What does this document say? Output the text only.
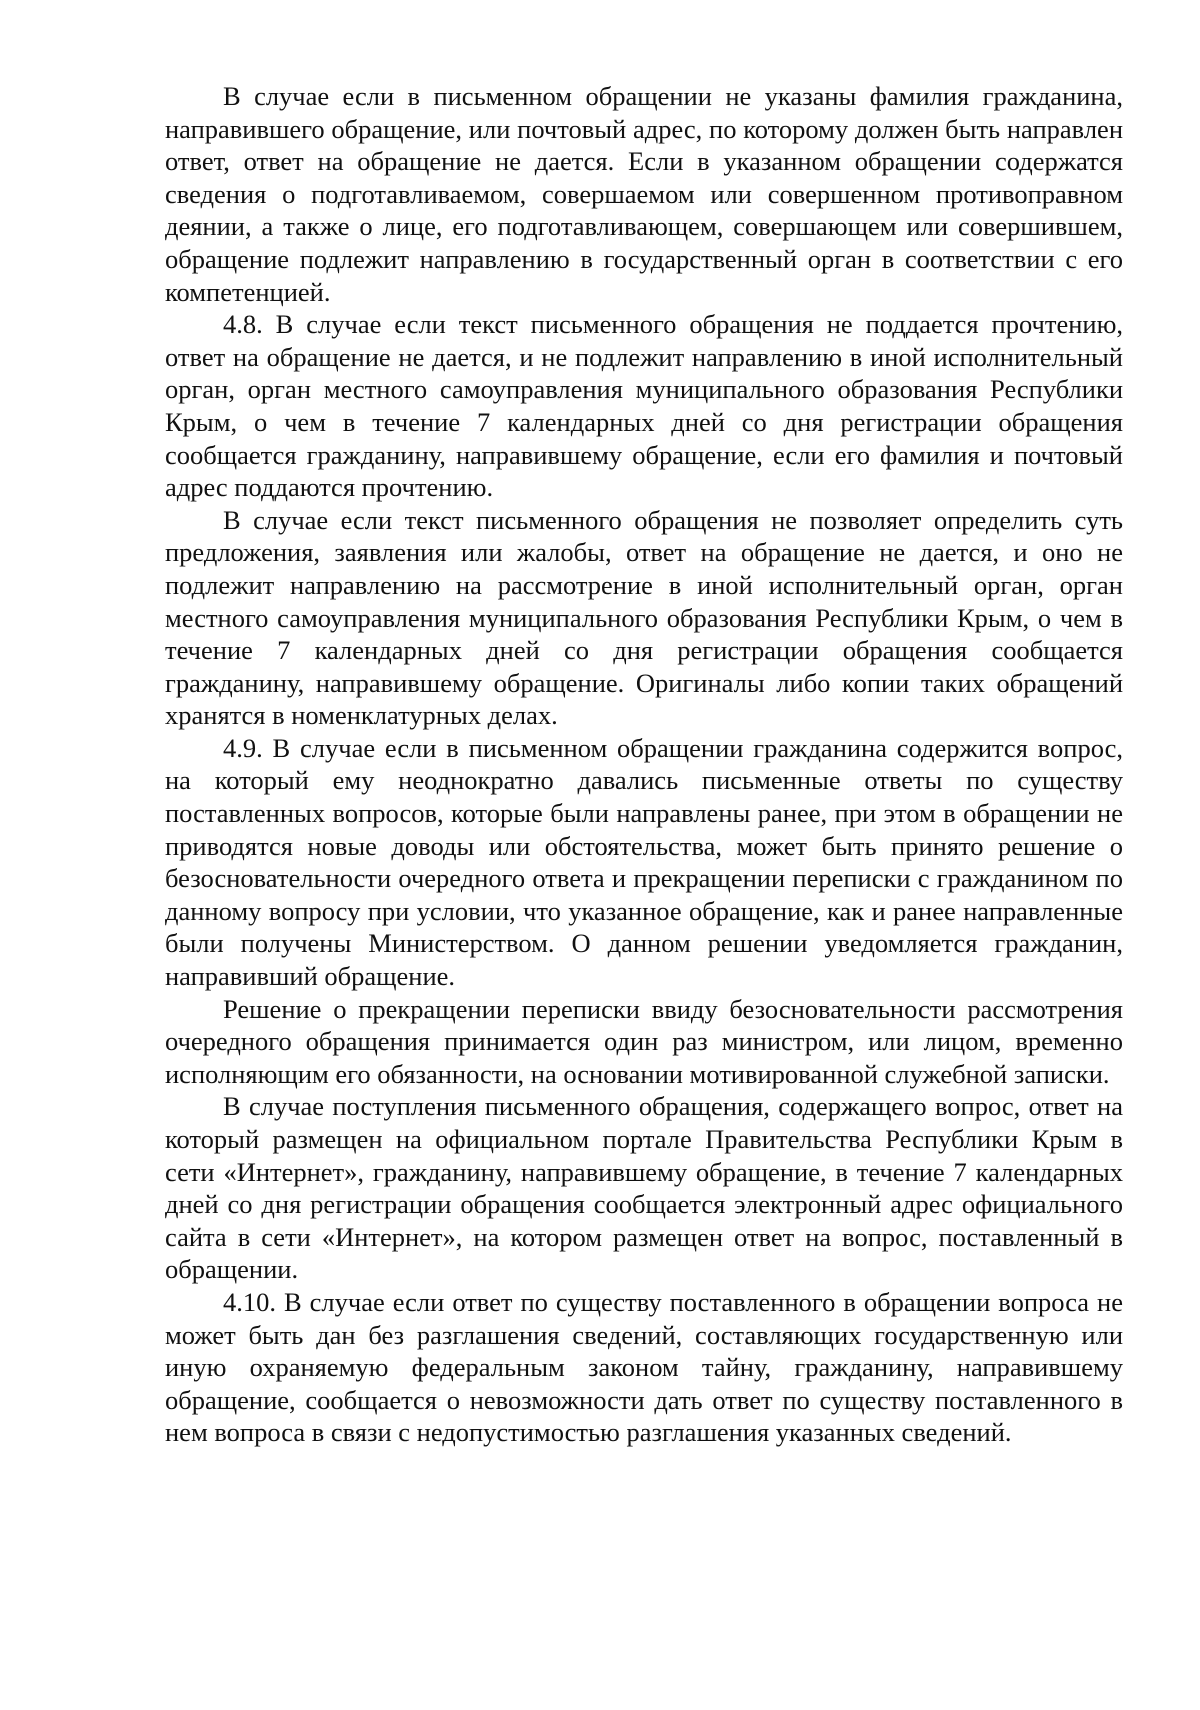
В случае если в письменном обращении не указаны фамилия гражданина, направившего обращение, или почтовый адрес, по которому должен быть направлен ответ, ответ на обращение не дается. Если в указанном обращении содержатся сведения о подготавливаемом, совершаемом или совершенном противоправном деянии, а также о лице, его подготавливающем, совершающем или совершившем, обращение подлежит направлению в государственный орган в соответствии с его компетенцией.

4.8. В случае если текст письменного обращения не поддается прочтению, ответ на обращение не дается, и не подлежит направлению в иной исполнительный орган, орган местного самоуправления муниципального образования Республики Крым, о чем в течение 7 календарных дней со дня регистрации обращения сообщается гражданину, направившему обращение, если его фамилия и почтовый адрес поддаются прочтению.

В случае если текст письменного обращения не позволяет определить суть предложения, заявления или жалобы, ответ на обращение не дается, и оно не подлежит направлению на рассмотрение в иной исполнительный орган, орган местного самоуправления муниципального образования Республики Крым, о чем в течение 7 календарных дней со дня регистрации обращения сообщается гражданину, направившему обращение. Оригиналы либо копии таких обращений хранятся в номенклатурных делах.

4.9. В случае если в письменном обращении гражданина содержится вопрос, на который ему неоднократно давались письменные ответы по существу поставленных вопросов, которые были направлены ранее, при этом в обращении не приводятся новые доводы или обстоятельства, может быть принято решение о безосновательности очередного ответа и прекращении переписки с гражданином по данному вопросу при условии, что указанное обращение, как и ранее направленные были получены Министерством. О данном решении уведомляется гражданин, направивший обращение.

Решение о прекращении переписки ввиду безосновательности рассмотрения очередного обращения принимается один раз министром, или лицом, временно исполняющим его обязанности, на основании мотивированной служебной записки.

В случае поступления письменного обращения, содержащего вопрос, ответ на который размещен на официальном портале Правительства Республики Крым в сети «Интернет», гражданину, направившему обращение, в течение 7 календарных дней со дня регистрации обращения сообщается электронный адрес официального сайта в сети «Интернет», на котором размещен ответ на вопрос, поставленный в обращении.

4.10. В случае если ответ по существу поставленного в обращении вопроса не может быть дан без разглашения сведений, составляющих государственную или иную охраняемую федеральным законом тайну, гражданину, направившему обращение, сообщается о невозможности дать ответ по существу поставленного в нем вопроса в связи с недопустимостью разглашения указанных сведений.
